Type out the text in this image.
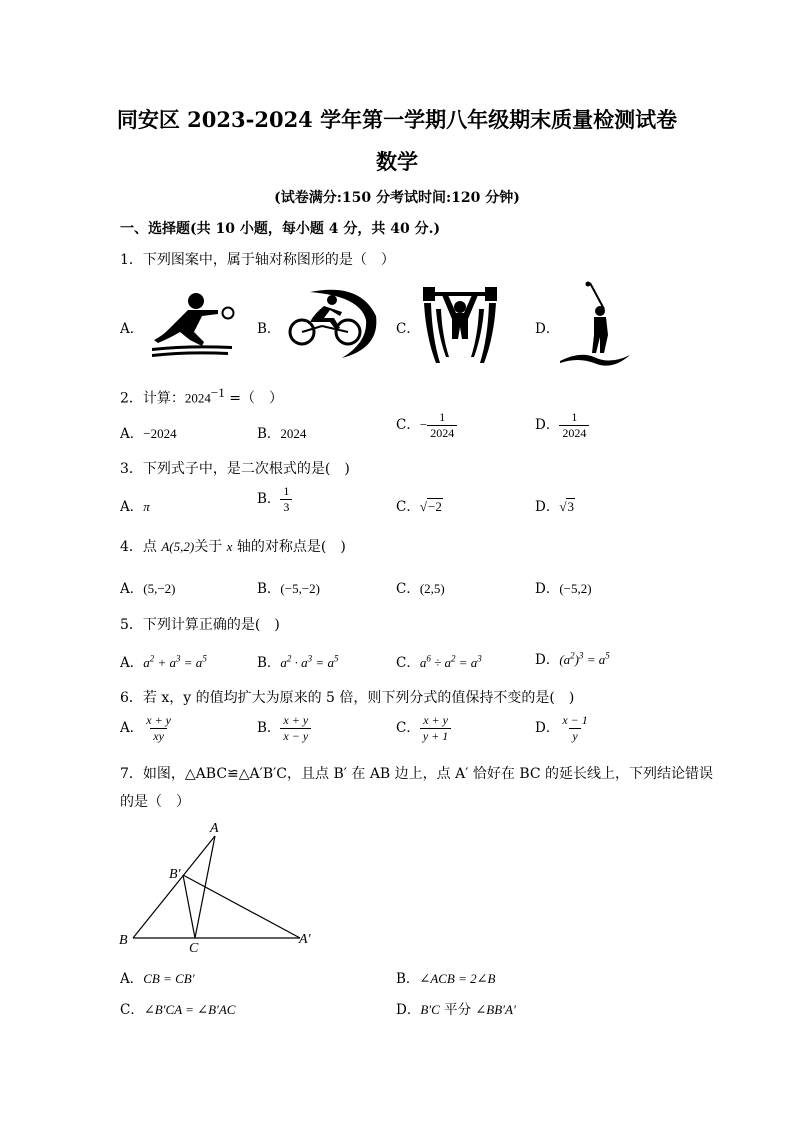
同安区 2023-2024 学年第一学期八年级期末质量检测试卷
数学
(试卷满分:150 分考试时间:120 分钟)
一、选择题(共 10 小题，每小题 4 分，共 40 分.)
1．下列图案中，属于轴对称图形的是（　）
A．	B．	C．	D．
2．计算：$2024^{-1}$ =（　）
A．−2024	B．2024
C．− $\frac{1}{2024}$	D． $\frac{1}{2024}$
3．下列式子中，是二次根式的是(　)
A．π	B． $\frac{1}{3}$	C．√−2	D．√3
4．点 A(5,2)关于 x 轴的对称点是(　)
A．(5,−2)	B．(−5,−2)	C．(2,5)	D．(−5,2)
5．下列计算正确的是(　)
A．$a^2 + a^3 = a^5$	B．$a^2 \cdot a^3 = a^5$	C．$a^6 \div a^2 = a^3$	D．$(a^2)^3 = a^5$
6．若 x，y 的值均扩大为原来的 5 倍，则下列分式的值保持不变的是(　)
A． $\frac{x + y}{xy}$	B． $\frac{x + y}{x - y}$	C． $\frac{x + y}{y + 1}$	D． $\frac{x - 1}{y}$
7．如图，△ABC≌△A′B′C，且点 B′ 在 AB 边上，点 A′ 恰好在 BC 的延长线上，下列结论错误
的是（　）
A
B′
B
C
A′
A．CB = CB′	B．∠ACB = 2∠B
C．∠B′CA = ∠B′AC	D．B′C 平分 ∠BB′A′
